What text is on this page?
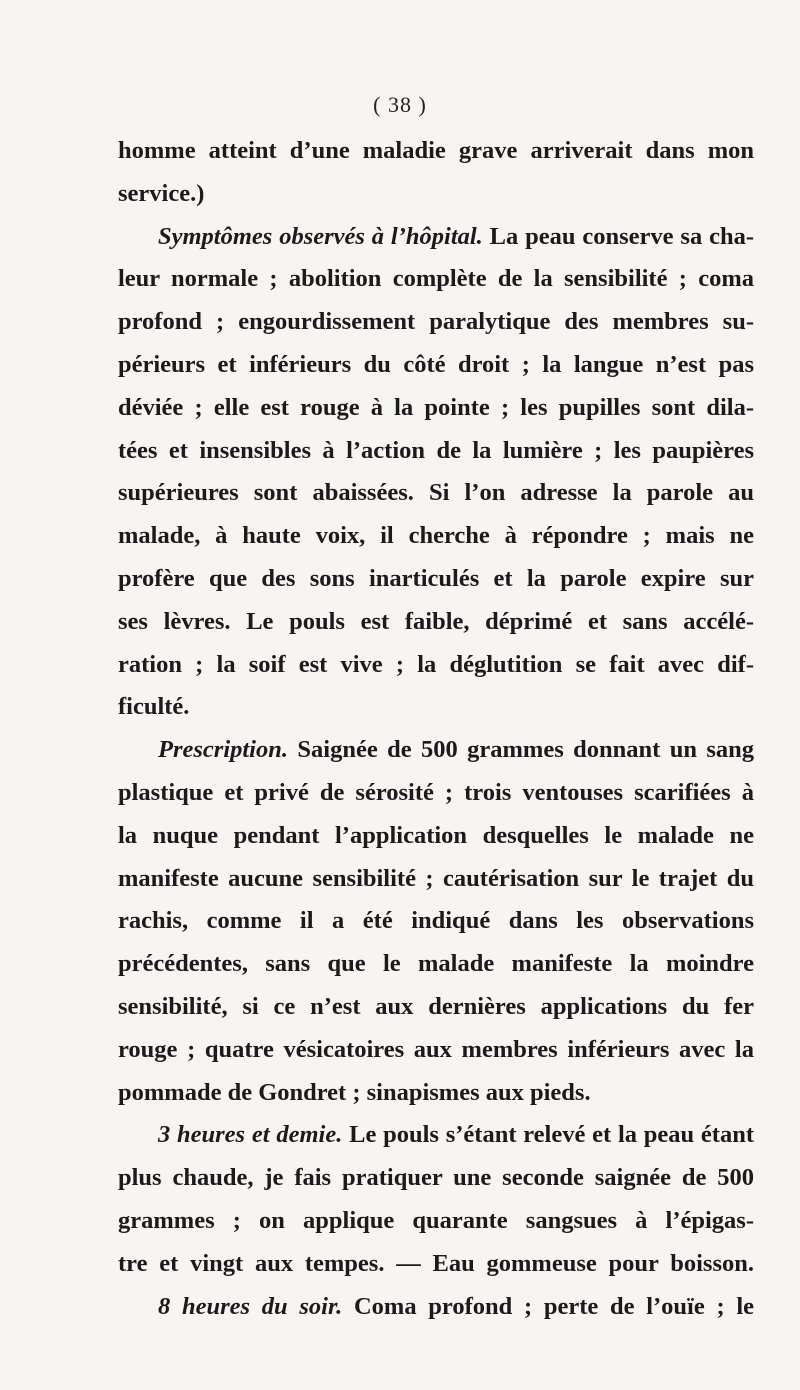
( 38 )
homme atteint d’une maladie grave arriverait dans mon
service.)
Symptômes observés à l’hôpital. La peau conserve sa cha-
leur normale ; abolition complète de la sensibilité ; coma
profond ; engourdissement paralytique des membres su-
périeurs et inférieurs du côté droit ; la langue n’est pas
déviée ; elle est rouge à la pointe ; les pupilles sont dila-
tées et insensibles à l’action de la lumière ; les paupières
supérieures sont abaissées. Si l’on adresse la parole au
malade, à haute voix, il cherche à répondre ; mais ne
profère que des sons inarticulés et la parole expire sur
ses lèvres. Le pouls est faible, déprimé et sans accélé-
ration ; la soif est vive ; la déglutition se fait avec dif-
ficulté.
Prescription. Saignée de 500 grammes donnant un sang
plastique et privé de sérosité ; trois ventouses scarifiées à
la nuque pendant l’application desquelles le malade ne
manifeste aucune sensibilité ; cautérisation sur le trajet du
rachis, comme il a été indiqué dans les observations
précédentes, sans que le malade manifeste la moindre
sensibilité, si ce n’est aux dernières applications du fer
rouge ; quatre vésicatoires aux membres inférieurs avec la
pommade de Gondret ; sinapismes aux pieds.
3 heures et demie. Le pouls s’étant relevé et la peau étant
plus chaude, je fais pratiquer une seconde saignée de 500
grammes ; on applique quarante sangsues à l’épigas-
tre et vingt aux tempes. — Eau gommeuse pour boisson.
8 heures du soir. Coma profond ; perte de l’ouïe ; le
